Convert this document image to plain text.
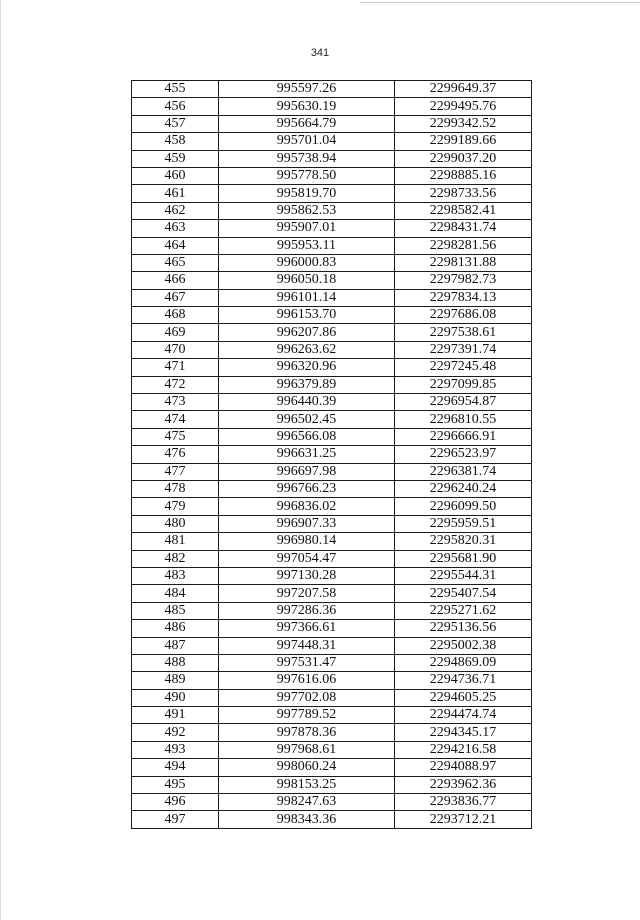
341
455	995597.26	2299649.37
456	995630.19	2299495.76
457	995664.79	2299342.52
458	995701.04	2299189.66
459	995738.94	2299037.20
460	995778.50	2298885.16
461	995819.70	2298733.56
462	995862.53	2298582.41
463	995907.01	2298431.74
464	995953.11	2298281.56
465	996000.83	2298131.88
466	996050.18	2297982.73
467	996101.14	2297834.13
468	996153.70	2297686.08
469	996207.86	2297538.61
470	996263.62	2297391.74
471	996320.96	2297245.48
472	996379.89	2297099.85
473	996440.39	2296954.87
474	996502.45	2296810.55
475	996566.08	2296666.91
476	996631.25	2296523.97
477	996697.98	2296381.74
478	996766.23	2296240.24
479	996836.02	2296099.50
480	996907.33	2295959.51
481	996980.14	2295820.31
482	997054.47	2295681.90
483	997130.28	2295544.31
484	997207.58	2295407.54
485	997286.36	2295271.62
486	997366.61	2295136.56
487	997448.31	2295002.38
488	997531.47	2294869.09
489	997616.06	2294736.71
490	997702.08	2294605.25
491	997789.52	2294474.74
492	997878.36	2294345.17
493	997968.61	2294216.58
494	998060.24	2294088.97
495	998153.25	2293962.36
496	998247.63	2293836.77
497	998343.36	2293712.21
